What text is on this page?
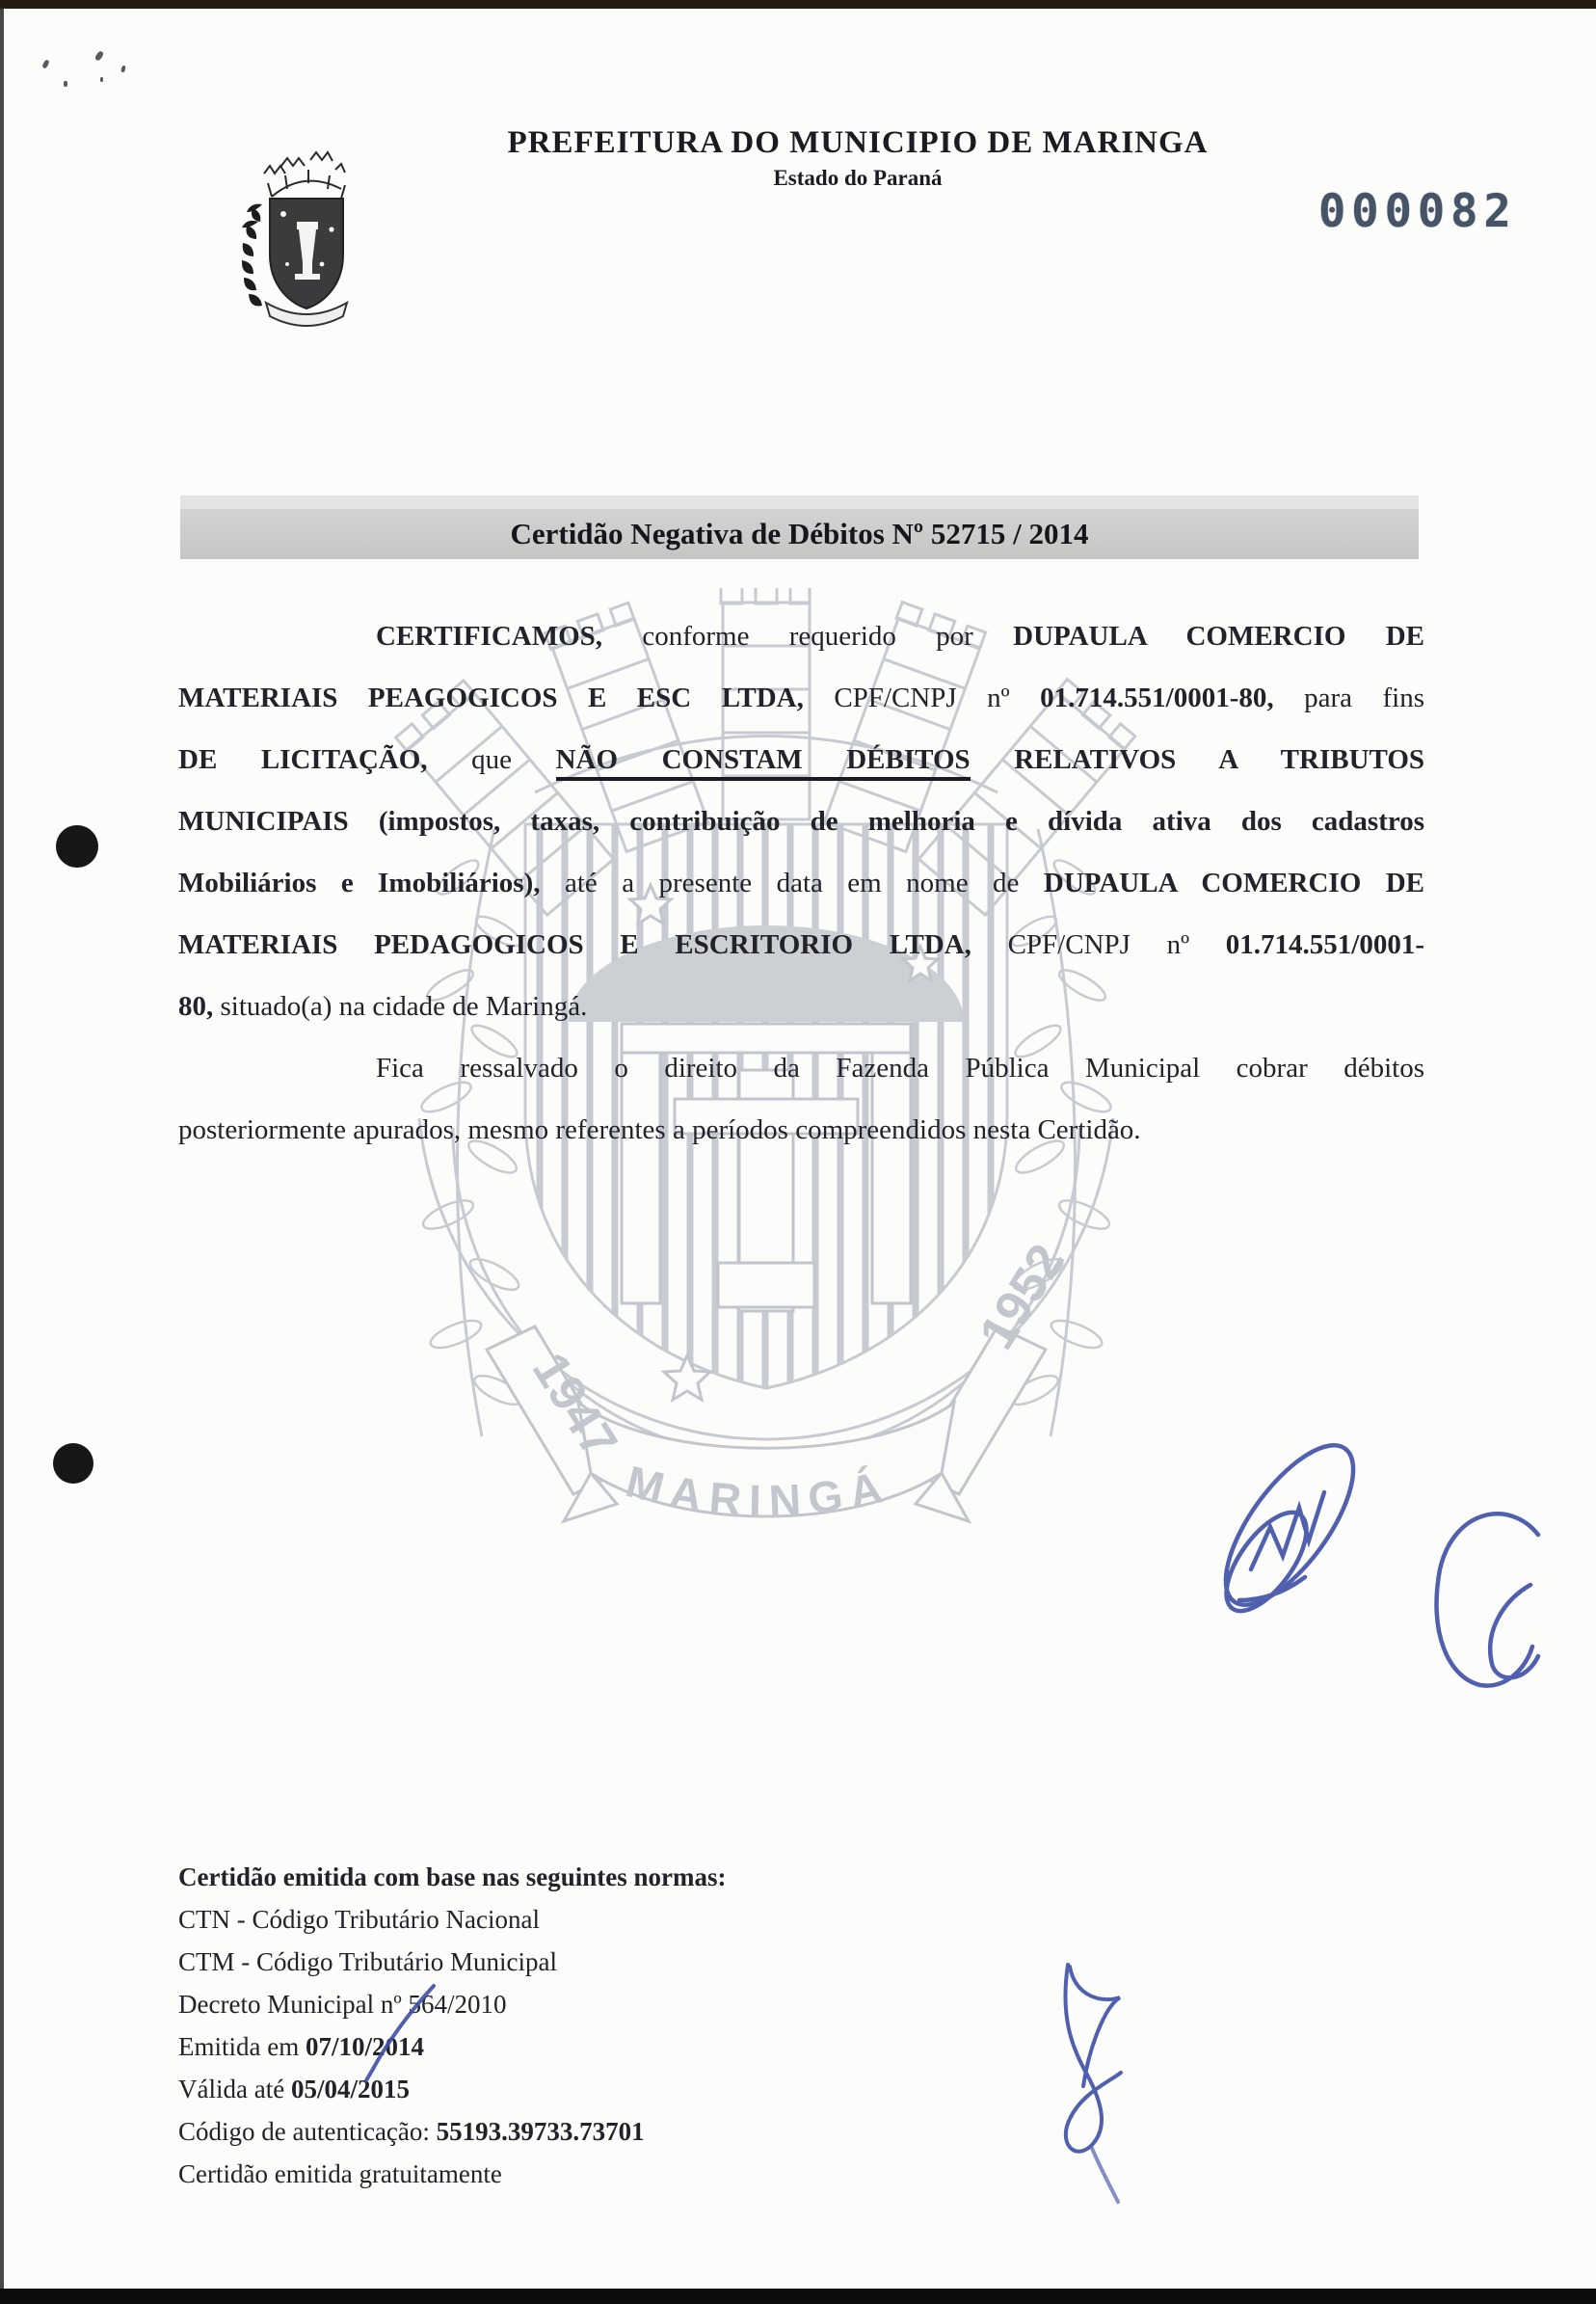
PREFEITURA DO MUNICIPIO DE MARINGA
Estado do Paraná
000082
Certidão Negativa de Débitos Nº 52715 / 2014
1947
1952
MARINGÁ
CERTIFICAMOS, conforme requerido por DUPAULA COMERCIO DE
MATERIAIS PEAGOGICOS E ESC LTDA, CPF/CNPJ nº 01.714.551/0001-80, para fins
DE LICITAÇÃO, que NÃO CONSTAM DÉBITOS RELATIVOS A TRIBUTOS
MUNICIPAIS (impostos, taxas, contribuição de melhoria e dívida ativa dos cadastros
Mobiliários e Imobiliários), até a presente data em nome de DUPAULA COMERCIO DE
MATERIAIS PEDAGOGICOS E ESCRITORIO LTDA, CPF/CNPJ nº 01.714.551/0001-
80, situado(a) na cidade de Maringá.
Fica ressalvado o direito da Fazenda Pública Municipal cobrar débitos
posteriormente apurados, mesmo referentes a períodos compreendidos nesta Certidão.
Certidão emitida com base nas seguintes normas:
CTN - Código Tributário Nacional
CTM - Código Tributário Municipal
Decreto Municipal nº 564/2010
Emitida em 07/10/2014
Válida até 05/04/2015
Código de autenticação: 55193.39733.73701
Certidão emitida gratuitamente
